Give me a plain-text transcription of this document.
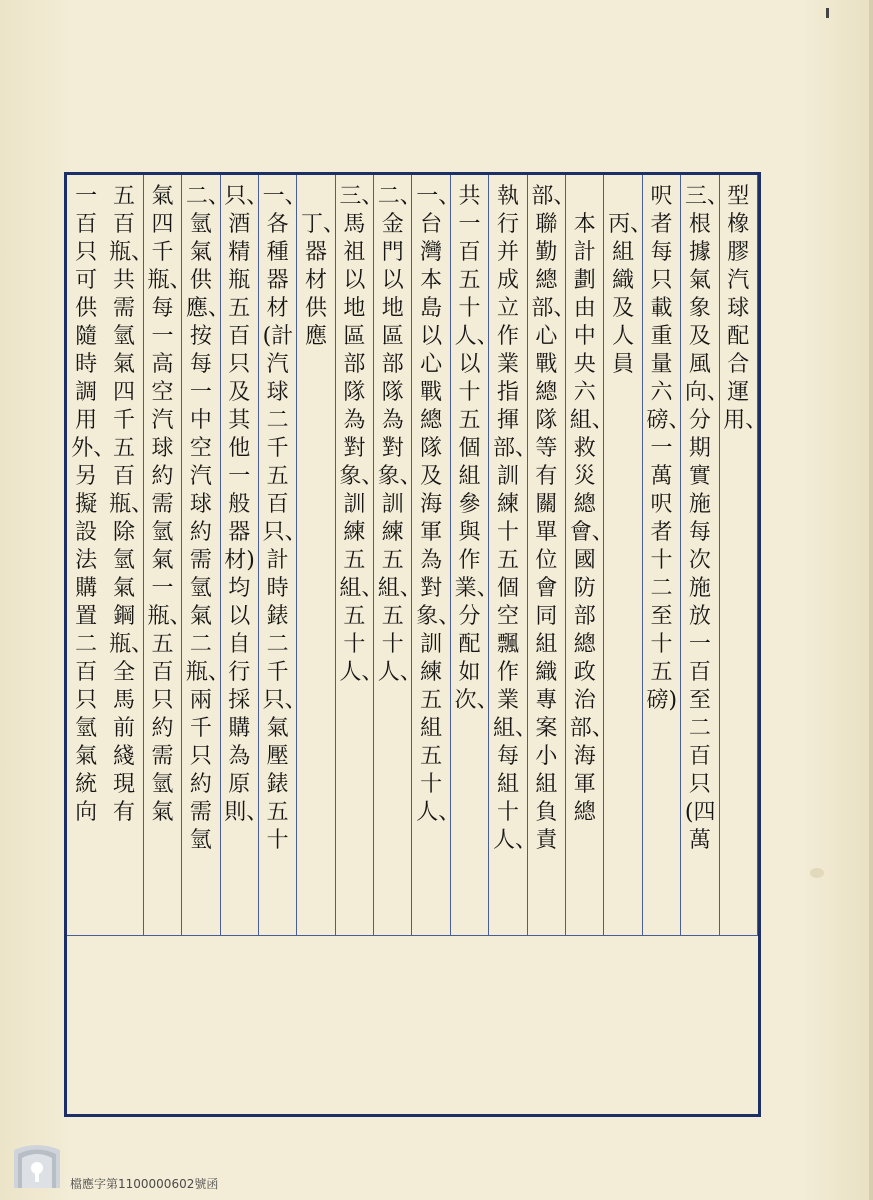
型橡膠汽球配合運用、
三、根據氣象及風向、分期實施每次施放一百至二百只(四萬
呎者每只載重量六磅、一萬呎者十二至十五磅)
丙、組織及人員
本計劃由中央六組、救災總會、國防部總政治部、海軍總
部、聯勤總部、心戰總隊等有關單位會同組織專案小組負責
執行并成立作業指揮部、訓練十五個空飄作業組、每組十人、
共一百五十人、以十五個組參與作業、分配如次、
一、台灣本島以心戰總隊及海軍為對象、訓練五組五十人、
二、金門以地區部隊為對象、訓練五組、五十人、
三、馬祖以地區部隊為對象、訓練五組、五十人、
丁、器材供應
一、各種器材(計汽球二千五百只、計時錶二千只、氣壓錶五十
只、酒精瓶五百只及其他一般器材)均以自行採購為原則、
二、氫氣供應、按每一中空汽球約需氫氣二瓶、兩千只約需氫
氣四千瓶、每一高空汽球約需氫氣一瓶、五百只約需氫氣
五百瓶、共需氫氣四千五百瓶、除氫氣鋼瓶、全馬前綫現有
一百只可供隨時調用外、另擬設法購置二百只氫氣統向
檔應字第1100000602號函
